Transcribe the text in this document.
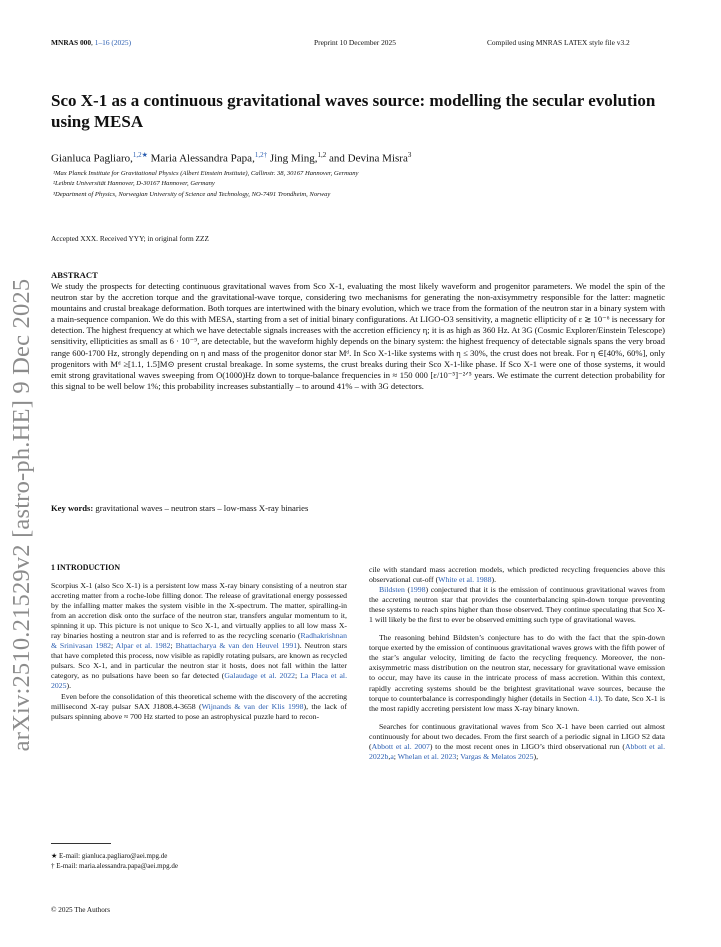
MNRAS 000, 1–16 (2025)	Preprint 10 December 2025	Compiled using MNRAS LATEX style file v3.2
arXiv:2510.21529v2 [astro-ph.HE] 9 Dec 2025
Sco X-1 as a continuous gravitational waves source: modelling the secular evolution using MESA
Gianluca Pagliaro,$^{1,2★}$ Maria Alessandra Papa,$^{1,2\dagger}$ Jing Ming,$^{1,2}$ and Devina Misra$^3$
¹Max Planck Institute for Gravitational Physics (Albert Einstein Institute), Callinstr. 38, 30167 Hannover, Germany
²Leibniz Universität Hannover, D-30167 Hannover, Germany
³Department of Physics, Norwegian University of Science and Technology, NO-7491 Trondheim, Norway
Accepted XXX. Received YYY; in original form ZZZ
ABSTRACT
We study the prospects for detecting continuous gravitational waves from Sco X-1, evaluating the most likely waveform and progenitor parameters. We model the spin of the neutron star by the accretion torque and the gravitational-wave torque, considering two mechanisms for generating the non-axisymmetry responsible for the latter: magnetic mountains and crustal breakage deformation. Both torques are intertwined with the binary evolution, which we trace from the formation of the neutron star in a binary system with a main-sequence companion. We do this with MESA, starting from a set of initial binary configurations. At LIGO-O3 sensitivity, a magnetic ellipticity of ε ≳ 10⁻⁶ is necessary for detection. The highest frequency at which we have detectable signals increases with the accretion efficiency η; it is as high as 360 Hz. At 3G (Cosmic Explorer/Einstein Telescope) sensitivity, ellipticities as small as 6 · 10⁻⁹, are detectable, but the waveform highly depends on the binary system: the highest frequency of detectable signals spans the very broad range 600-1700 Hz, strongly depending on η and mass of the progenitor donor star Mᵈ. In Sco X-1-like systems with η ≤ 30%, the crust does not break. For η ∈[40%, 60%], only progenitors with Mᵈ ≥[1.1, 1.5]M⊙ present crustal breakage. In some systems, the crust breaks during their Sco X-1-like phase. If Sco X-1 were one of those systems, it would emit strong gravitational waves sweeping from O(1000)Hz down to torque-balance frequencies in ≈ 150 000 [ε/10⁻⁵]⁻²ᐟ⁵ years. We estimate the current detection probability for this signal to be well below 1%; this probability increases substantially – to around 41% – with 3G detectors.
Key words: gravitational waves – neutron stars – low-mass X-ray binaries
1 INTRODUCTION

Scorpius X-1 (also Sco X-1) is a persistent low mass X-ray binary consisting of a neutron star accreting matter from a roche-lobe filling donor. The release of gravitational energy possessed by the infalling matter makes the system visible in the X-spectrum. The matter, spiralling-in from an accretion disk onto the surface of the neutron star, transfers angular momentum to it, spinning it up. This picture is not unique to Sco X-1, and virtually applies to all low mass X-ray binaries hosting a neutron star and is referred to as the recycling scenario (Radhakrishnan & Srinivasan 1982; Alpar et al. 1982; Bhattacharya & van den Heuvel 1991). Neutron stars that have completed this process, now visible as rapidly rotating pulsars, are known as recycled pulsars. Sco X-1, and in particular the neutron star it hosts, does not fall within the latter category, as no pulsations have been so far detected (Galaudage et al. 2022; La Placa et al. 2025).

Even before the consolidation of this theoretical scheme with the discovery of the accreting millisecond X-ray pulsar SAX J1808.4-3658 (Wijnands & van der Klis 1998), the lack of pulsars spinning above ≈ 700 Hz started to pose an astrophysical puzzle hard to recon-

cile with standard mass accretion models, which predicted recycling frequencies above this observational cut-off (White et al. 1988).

Bildsten (1998) conjectured that it is the emission of continuous gravitational waves from the accreting neutron star that provides the counterbalancing spin-down torque preventing these systems to reach spins higher than those observed. They continue speculating that Sco X-1 will likely be the first to ever be observed emitting such type of gravitational waves.

The reasoning behind Bildsten’s conjecture has to do with the fact that the spin-down torque exerted by the emission of continuous gravitational waves grows with the fifth power of the star’s angular velocity, limiting de facto the recycling frequency. Moreover, the non-axisymmetric mass distribution on the neutron star, necessary for gravitational wave emission to occur, may have its cause in the intricate process of mass accretion. Within this context, rapidly accreting systems should be the brightest gravitational wave sources, because the torque to counterbalance is correspondingly higher (details in Section 4.1). To date, Sco X-1 is the most rapidly accreting persistent low mass X-ray binary known.

Searches for continuous gravitational waves from Sco X-1 have been carried out almost continuously for about two decades. From the first search of a periodic signal in LIGO S2 data (Abbott et al. 2007) to the most recent ones in LIGO’s third observational run (Abbott et al. 2022b,a; Whelan et al. 2023; Vargas & Melatos 2025),

★ E-mail: gianluca.pagliaro@aei.mpg.de
† E-mail: maria.alessandra.papa@aei.mpg.de
© 2025 The Authors
